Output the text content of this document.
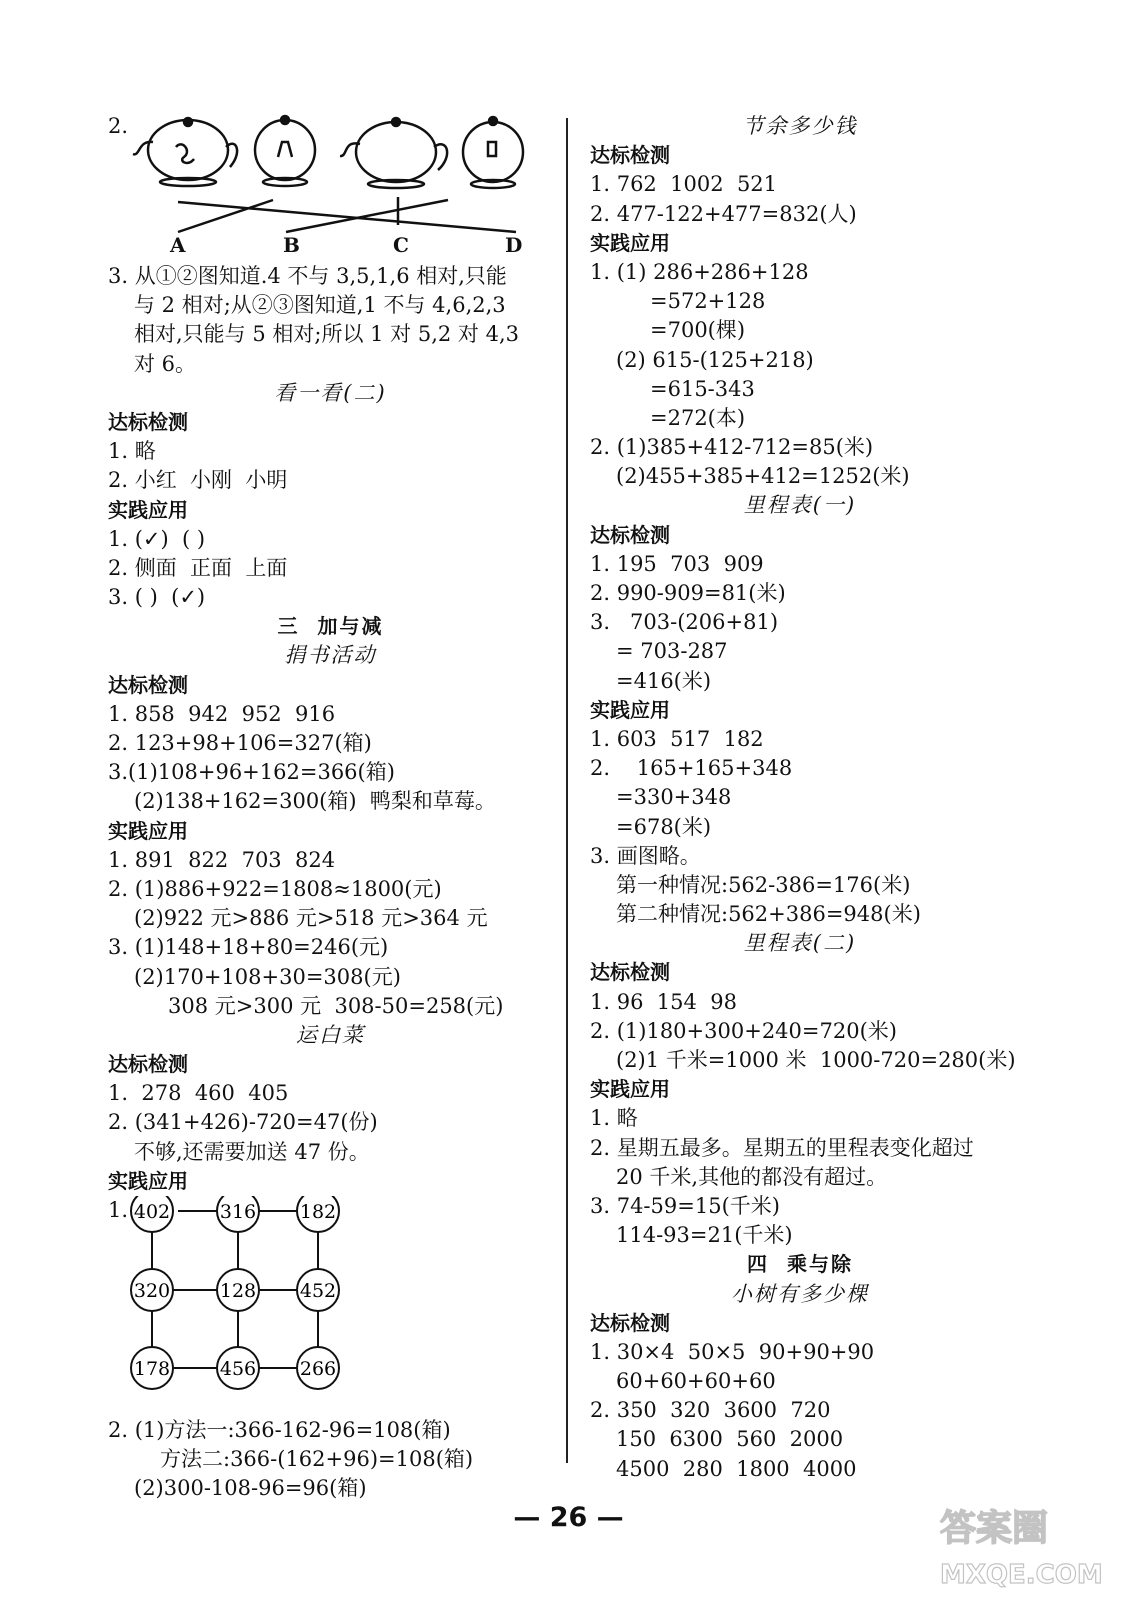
2.
A	B	C	D
3. 从①②图知道.4 不与 3,5,1,6 相对,只能
与 2 相对;从②③图知道,1 不与 4,6,2,3
相对,只能与 5 相对;所以 1 对 5,2 对 4,3
对 6。
看一看(二)
达标检测
1. 略
2. 小红  小刚  小明
实践应用
1. (✓)  ( )
2. 侧面  正面  上面
3. ( )  (✓)
三  加与减
捐书活动
达标检测
1. 858  942  952  916
2. 123+98+106=327(箱)
3.(1)108+96+162=366(箱)
(2)138+162=300(箱)  鸭梨和草莓。
实践应用
1. 891  822  703  824
2. (1)886+922=1808≈1800(元)
(2)922 元>886 元>518 元>364 元
3. (1)148+18+80=246(元)
(2)170+108+30=308(元)
308 元>300 元  308-50=258(元)
运白菜
达标检测
1.  278  460  405
2. (341+426)-720=47(份)
不够,还需要加送 47 份。
实践应用
1. 402	316 182
320	128 452
178	456 266
2. (1)方法一:366-162-96=108(箱)
方法二:366-(162+96)=108(箱)
(2)300-108-96=96(箱)
节余多少钱
达标检测
1. 762  1002  521
2. 477-122+477=832(人)
实践应用
1. (1) 286+286+128
=572+128
=700(棵)
(2) 615-(125+218)
=615-343
=272(本)
2. (1)385+412-712=85(米)
(2)455+385+412=1252(米)
里程表(一)
达标检测
1. 195  703  909
2. 990-909=81(米)
3.   703-(206+81)
= 703-287
=416(米)
实践应用
1. 603  517  182
2.    165+165+348
=330+348
=678(米)
3. 画图略。
第一种情况:562-386=176(米)
第二种情况:562+386=948(米)
里程表(二)
达标检测
1. 96  154  98
2. (1)180+300+240=720(米)
(2)1 千米=1000 米  1000-720=280(米)
实践应用
1. 略
2. 星期五最多。星期五的里程表变化超过
20 千米,其他的都没有超过。
3. 74-59=15(千米)
114-93=21(千米)
四  乘与除
小树有多少棵
达标检测
1. 30×4  50×5  90+90+90
60+60+60+60
2. 350  320  3600  720
150  6300  560  2000
4500  280  1800  4000
— 26 —	答案圈
MXQE.COM
